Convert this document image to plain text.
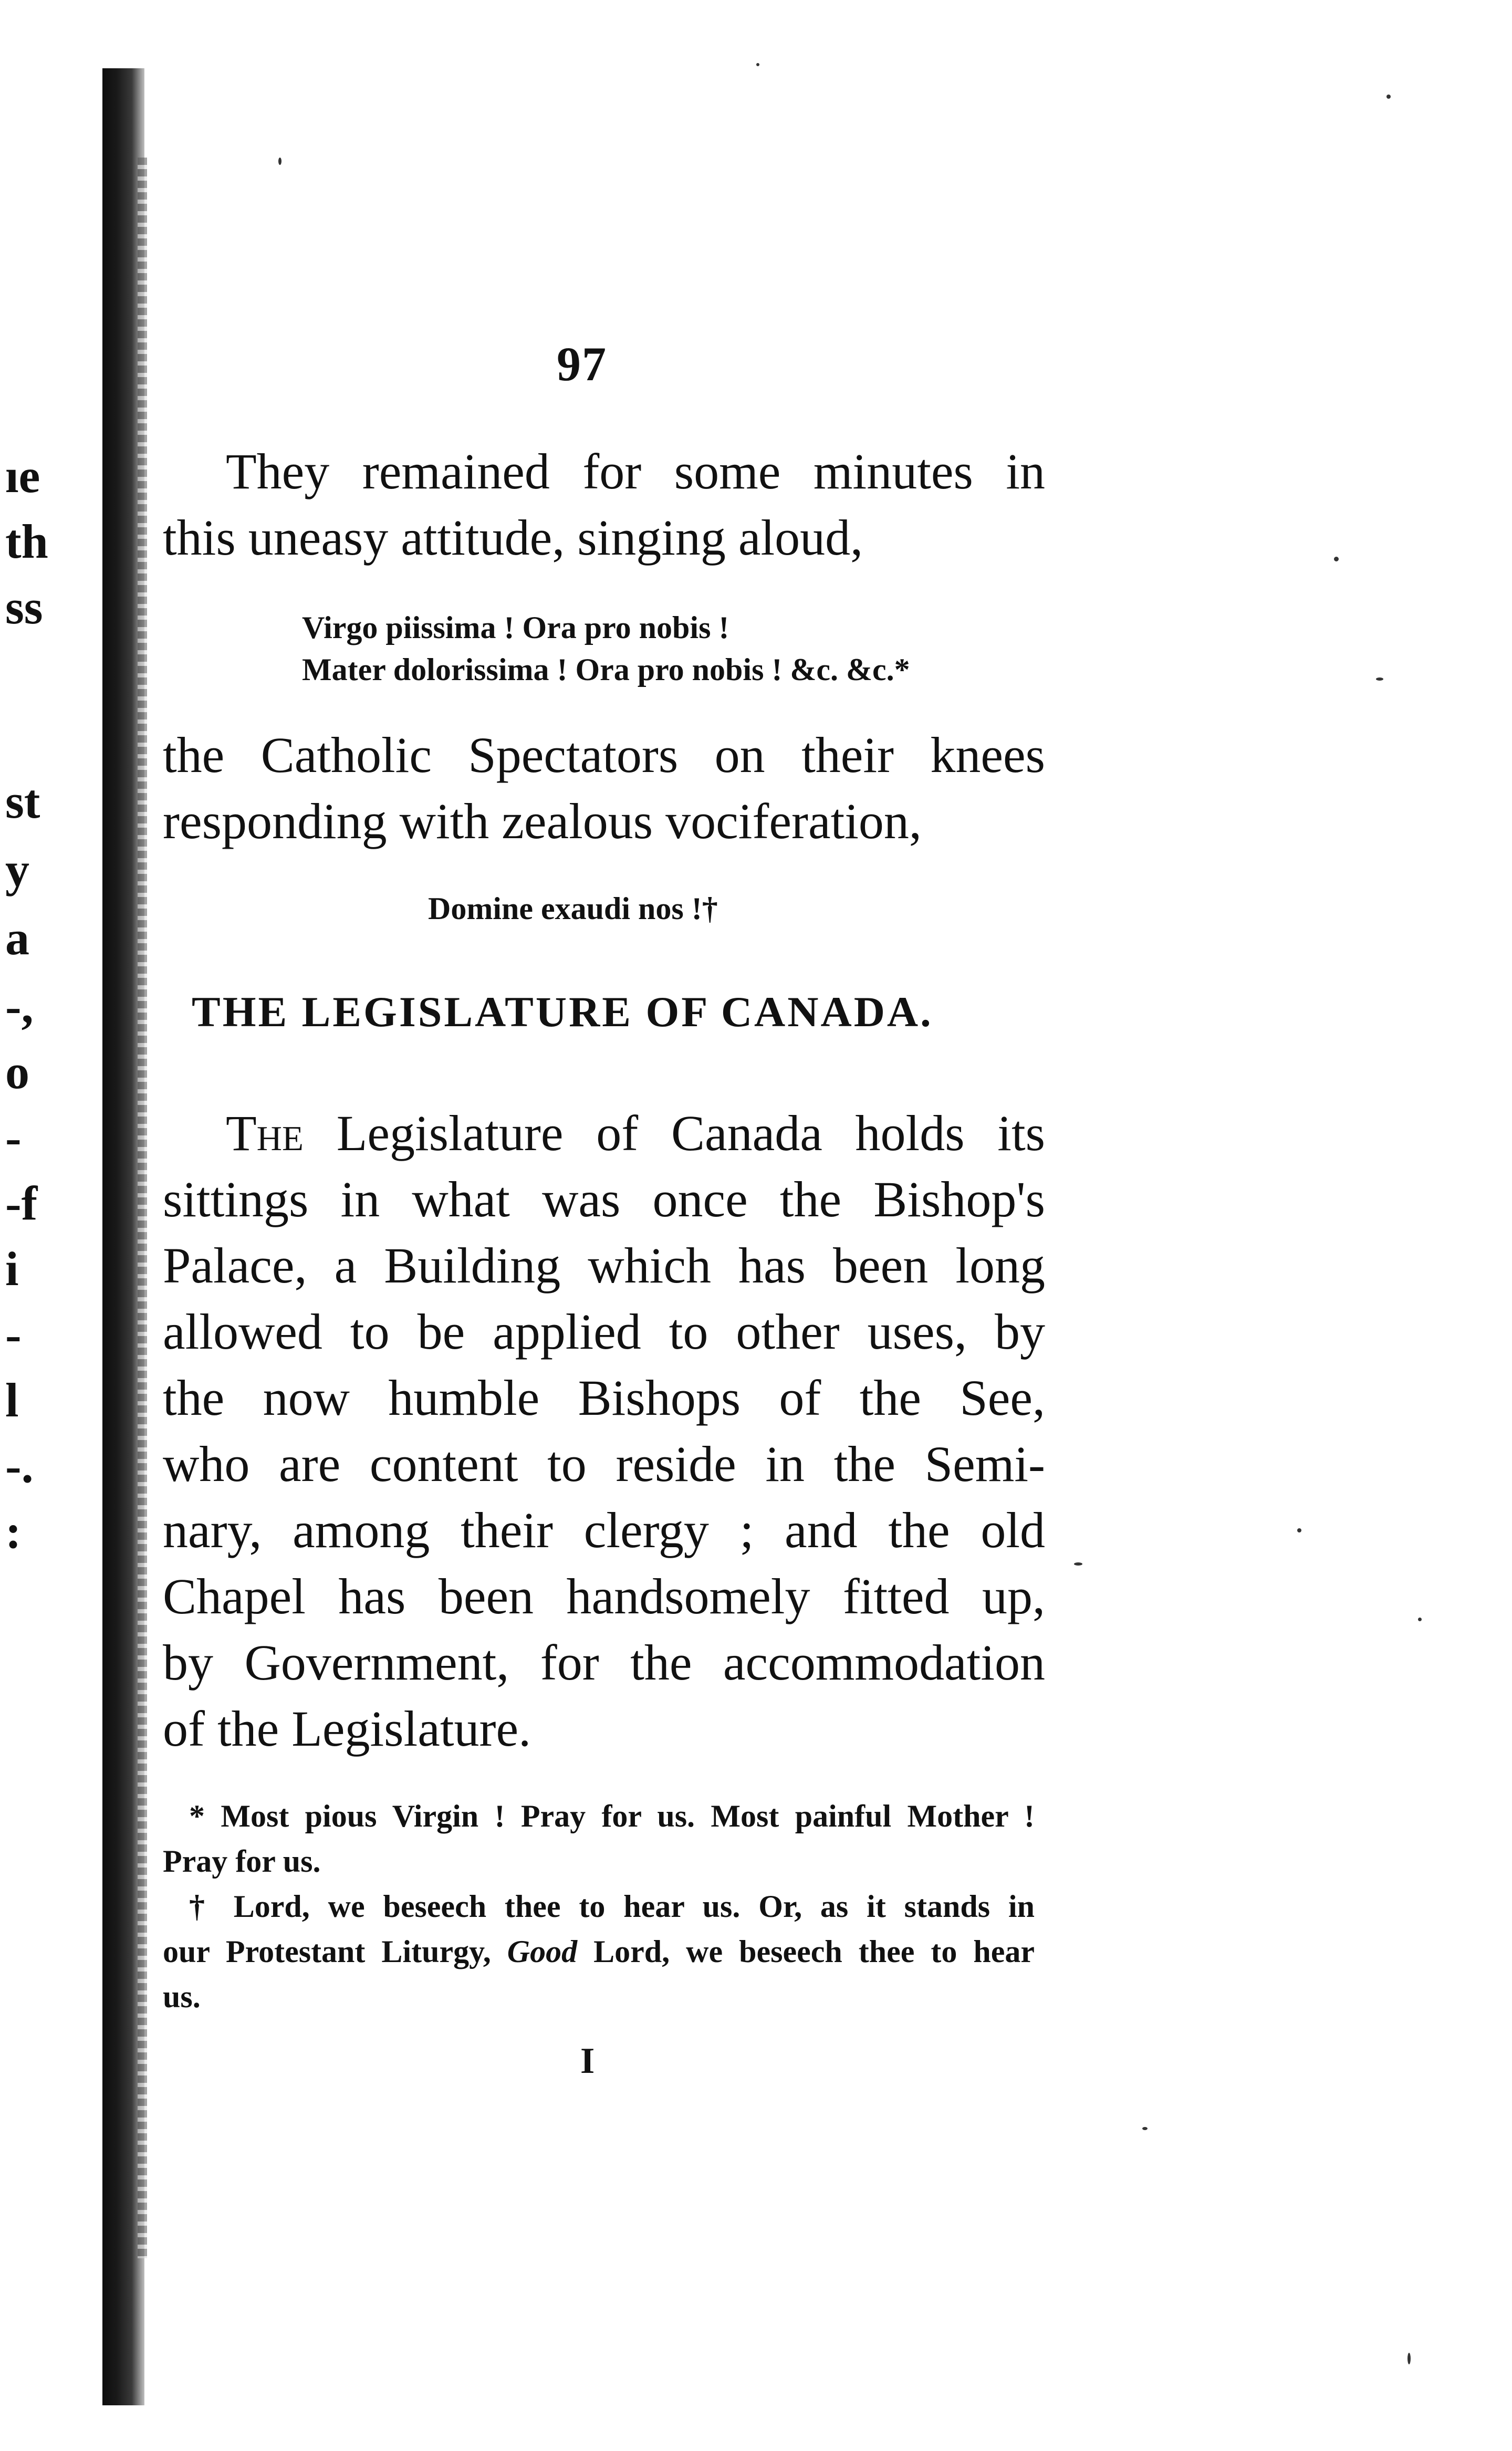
ıe
th
ss
st
y
a
-,
o
-
-f
i
-
l
-.
:
97

They remained for some minutes in
this uneasy attitude, singing aloud,

Virgo piissima ! Ora pro nobis !
Mater dolorissima ! Ora pro nobis ! &c. &c.*

the Catholic Spectators on their knees
responding with zealous vociferation,

Domine exaudi nos !†
THE LEGISLATURE OF CANADA.

The Legislature of Canada holds its
sittings in what was once the Bishop's
Palace, a Building which has been long
allowed to be applied to other uses, by
the now humble Bishops of the See,
who are content to reside in the Semi-
nary, among their clergy ; and the old
Chapel has been handsomely fitted up,
by Government, for the accommodation
of the Legislature.

* Most pious Virgin ! Pray for us. Most painful Mother !
Pray for us.
† Lord, we beseech thee to hear us. Or, as it stands in
our Protestant Liturgy, Good Lord, we beseech thee to hear
us.
I
